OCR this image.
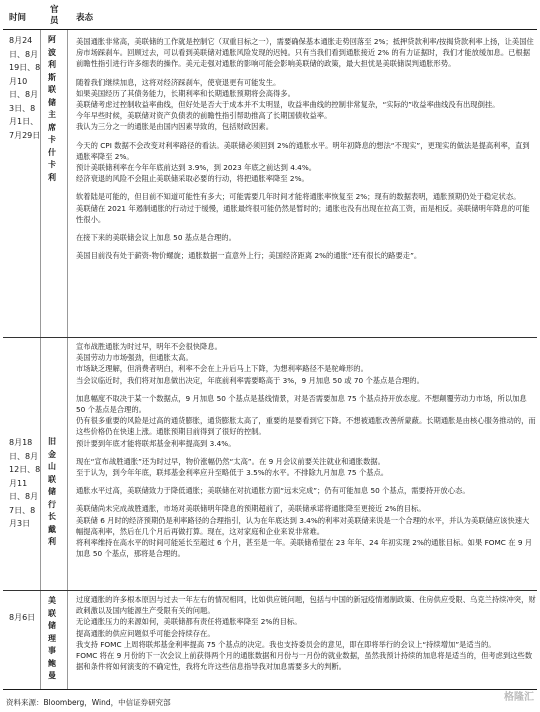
时间
官员 表态
8月24日、8月19日、8月10日、8月3日、8月1日、7月29日
阿波利斯联储主席卡什卡利

美国通胀非常高，美联储的工作就是控制它（双重目标之一），需要确保基本通胀走势回落至 2%；抵押贷款利率/按揭贷款利率上扬，让美国住房市场踩刹车。回顾过去，可以看到美联储对通胀风险发现的迟钝。只有当我们看到通胀接近 2% 的有力证据时，我们才能放缓加息。已根据前瞻性指引进行许多细表的操作。美元走强对通胀的影响可能会影响美联储的政策，最大担忧是美联储误判通胀形势。

随着我们继续加息，这将对经济踩刹车，使衰退更有可能发生。

如果美国经历了其债务能力，长期利率和长期通胀预期将会高得多。

美联储考虑过控制收益率曲线，但好处是否大于成本并不太明显，收益率曲线的控制非常复杂，“实际的”收益率曲线没有出现倒挂。

今年早些时候，美联储对资产负债表的前瞻性指引帮助推高了长期国债收益率。

我认为三分之一的通胀是由国内因素导致的，包括财政因素。

今天的 CPI 数据不会改变对利率路径的看法。美联储必须回到 2%的通胀水平。明年初降息的想法“不现实”，更现实的做法是提高利率，直到通胀率降至 2%。

预计美联储利率在今年年底前达到 3.9%，到 2023 年底之前达到 4.4%。

经济衰退的风险不会阻止美联储采取必要的行动，将把通胀率降至 2%。

软着陆是可能的，但目前不知道可能性有多大；可能需要几年时间才能将通胀率恢复至 2%；现有的数据表明，通胀预期仍处于稳定状态。

美联储在 2021 年遏制通胀的行动过于缓慢，通胀最终很可能仍然是暂时的；通胀也没有出现在拉高工资，而是相反。美联储明年降息的可能性很小。

在接下来的美联储会议上加息 50 基点是合理的。

美国目前没有处于薪资-物价螺旋；通胀数据一直意外上行；美国经济距离 2%的通胀“还有很长的路要走”。

8月18日、8月12日、8月11日、8月7日、8月3日
旧金山联储行长戴利

宣布战胜通胀为时过早，明年不会很快降息。

美国劳动力市场强劲，但通胀太高。

市场缺乏理解，但消费者明白，利率不会在上升后马上下降，为想利率路径不是驼峰形的。

当会议临近时，我们将对加息做出决定，年底前利率需要略高于 3%，9 月加息 50 或 70 个基点是合理的。

加息幅度不取决于某一个数据点，9 月加息 50 个基点是基线情景，对是否需要加息 75 个基点持开放态度。不想颠覆劳动力市场，所以加息 50 个基点是合理的。

仍有很多重要的风险是过高的通货膨胀，通货膨胀太高了，重要的是要看到它下降。不想被通胀改善所蒙蔽。长期通胀是由核心服务推动的，而这些价格仍在快速上涨。通胀预期目前得到了很好的控制。

预计要到年底才能将联邦基金利率提高到 3.4%。

现在“宣布战胜通胀”还为时过早，物价涨幅仍然“太高”。在 9 月会议前要关注就业和通胀数据。

至于认为，到今年年底，联邦基金利率应升至略低于 3.5%的水平。不排除九月加息 75 个基点。

通胀水平过高，美联储致力于降低通胀；美联储在对抗通胀方面“远未完成”；仍有可能加息 50 个基点，需要持开放心态。

美联储尚未完成战胜通胀，市场对美联储明年降息的预期超前了，美联储承诺将通胀降至更接近 2%的目标。

美联储 6 月时的经济预期仍是利率路径的合理指引，认为在年底达到 3.4%的利率对美联储来说是一个合理的水平，并认为美联储应该快速大幅提高利率，然后在几个月后再做打算。现在，这对家庭和企业来说非常难。

将利率维持在高水平的时间可能延长至超过 6 个月，甚至是一年。美联储希望在 23 年年、24 年初实现 2%的通胀目标。如果 FOMC 在 9 月加息 50 个基点，那将是合理的。

8月6日
美联储理事鲍曼

过度通胀的许多根本原因与过去一年左右的情况相同，比如供应链问题，包括与中国的新冠疫情遏制政策、住房供应受限、乌克兰持续冲突，财政刺激以及国内能源生产受限有关的问题。

无论通胀压力的来源如何，美联储都有责任将通胀率降至 2%的目标。

提高通胀的供应问题似乎可能会持续存在。

我支持 FOMC 上周将联邦基金利率提高 75 个基点的决定。我也支持委员会的意见，即在即将举行的会议上“持续增加”是适当的。

FOMC 将在 9 月份的下一次会议上前获得两个月的通胀数据和月份与一月份的就业数据，虽然我预计持续的加息将是适当的，但考虑到这些数据和条件将如何演变的不确定性，我将允许这些信息指导我对加息需要多大的判断。

资料来源：Bloomberg，Wind，中信证券研究部	格隆汇
